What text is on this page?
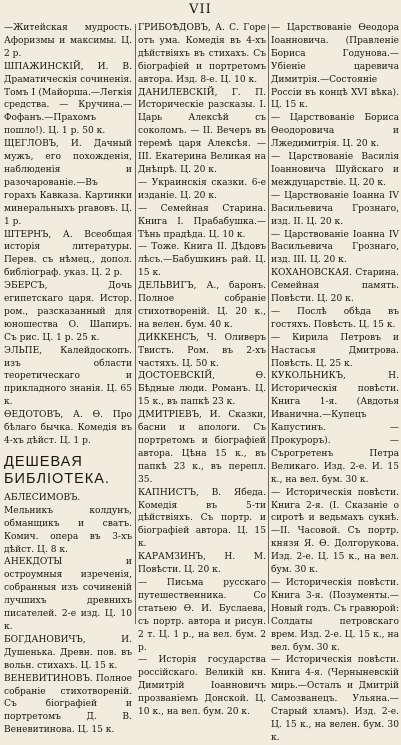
VII

—Житейская мудрость. Афоризмы и максимы. Ц. 2 р.

ШПАЖИНСКIЙ, И. В. Драматическiя сочиненiя. Томъ I (Майорша.—Легкiя средства. — Кручина.—Фофанъ.—Прахомъ пошло!). Ц. 1 р. 50 к.

ЩЕГЛОВЪ, И. Дачный мужъ, его похожденiя, наблюденiя и разочарованiе.—Въ горахъ Кавказа. Картинки минеральныхъ praвовъ. Ц. 1 р.

ШТЕРНЪ, А. Всеобщая исторiя литературы. Перев. съ нѣмец., допол. библiограф. указ. Ц. 2 р.

ЭБЕРСЪ, Дочь египетскаго царя. Истор. ром., разсказанный для юношества О. Шапиръ. Съ рис. Ц. 1 р. 25 к.

ЭЛЬПЕ, Калейдоскопъ. изъ области теоретическаго и прикладного знанiя. Ц. 65 к.

ѲЕДОТОВЪ, А. Ѳ. Про бѣлаго бычка. Комедiя въ 4-хъ дѣйст. Ц. 1 р.

ДЕШЕВАЯ БИБЛIОТЕКА.

АБЛЕСИМОВЪ. Мельникъ колдунъ, обманщикъ и сватъ. Комич. опера въ 3-хъ дѣйст. Ц. 8 к.

АНЕКДОТЫ и остроумныя изреченiя, собранныя изъ сочиненiй лучшихъ древнихъ писателей. 2-е изд. Ц. 10 к.

БОГДАНОВИЧЪ, И. Душенька. Древн. пов. въ вольн. стихахъ. Ц. 15 к.

ВЕНЕВИТИНОВЪ. Полное собранiе стихотворенiй. Съ бiографiей и портретомъ Д. В. Веневитинова. Ц. 15 к.

ГРИБОѢДОВЪ, А. С. Горе отъ ума. Комедiя въ 4-хъ дѣйствiяхъ въ стихахъ. Съ бiографiей и портретомъ автора. Изд. 8-е. Ц. 10 к.

ДАНИЛЕВСКIЙ, Г. П. Историческiе разсказы. I. Царь Алексѣй съ соколомъ. — II. Вечеръ въ теремѣ царя Алексѣя. — III. Екатерина Великая на Днѣпрѣ. Ц. 20 к.

— Украинскiя сказки. 6-е изданiе. Ц. 20 к.

— Семейная Старина. Книга I. Прабабушка.—Тѣнь прадѣда. Ц. 10 к.

— Тоже. Книга II. Дѣдовъ лѣсъ.—Бабушкинъ рай. Ц. 15 к.

ДЕЛЬВИГЪ, А., баронъ. Полное собранiе стихотворенiй. Ц. 20 к., на велен. бум. 40 к.

ДИККЕНСЪ, Ч. Оливеръ Твистъ. Ром. въ 2-хъ частяхъ. Ц. 50 к.

ДОСТОЕВСКIЙ, Ѳ. Бѣдные люди. Романъ. Ц. 15 к., въ папкѣ 23 к.

ДМИТРIЕВЪ, И. Сказки, басни и апологи. Съ портретомъ и бiографiей автора. Цѣна 15 к., въ папкѣ 23 к., въ перепл. 35.

КАПНИСТЪ, В. Ябеда. Комедiя въ 5-ти дѣйствiяхъ. Съ портр. и бiографiей автора. Ц. 15 к.

КАРАМЗИНЪ, Н. М. Повѣсти. Ц. 20 к.

— Письма русскаго путешественника. Со статьею Ѳ. И. Буслаева, съ портр. автора и рисун. 2 т. Ц. 1 р., на вел. бум. 2 р.

— Исторiя государства россiйскаго. Великiй кн. Димитрiй Iоанновичъ прозванiемъ Донской. Ц. 10 к., на вел. бум. 20 к.

— Царствованiе Ѳеодора Iоанновича. (Правленiе Бориса Годунова.—Убiенiе царевича Димитрiя.—Состоянiе Россiи въ концѣ XVI вѣка). Ц. 15 к.

— Царствованiе Бориса Ѳеодоровича и Лжедимитрiя. Ц. 20 к.

— Царствованiе Василiя Iоанновича Шуйскаго и междуцарствiе. Ц. 20 к.

— Царствованiе Iоанна IV Васильевича Грознаго, изд. II. Ц. 20 к.

— Царствованiе Iоанна IV Васильевича Грознаго, изд. III. Ц. 20 к.

КОХАНОВСКАЯ. Старина. Семейная память. Повѣсти. Ц. 20 к.

— Послѣ обѣда въ гостяхъ. Повѣсть. Ц. 15 к.

— Кирила Петровъ и Настасья Дмитрова. Повѣсть. Ц. 25 к.

КУКОЛЬНИКЪ, Н. Историческiя повѣсти. Книга 1-я. (Авдотья Иванична.—Купецъ Капустинъ. — Прокуроръ). — Сърогретенъ Петра Великаго. Изд. 2-е. И. 15 к., на вел. бум. 30 к.

— Историческiя повѣсти. Книга 2-я. (I. Сказанiе о сиротѣ и ведьмахъ сукнѣ.—II. Часовой. Съ портр. князя Я. Ѳ. Долгорукова. Изд. 2-е. Ц. 15 к., на вел. бум. 30 к.

— Историческiя повѣсти. Книга 3-я. (Позументы.—Новый годъ. Съ гравюрой: Солдаты петровскаго врем. Изд. 2-е. Ц. 15 к., на вел. бум. 30 к.

— Историческiя повѣсти. Книга 4-я. (Черныневскiй мирь.—Осталъ и Дмитрiй Самозванецъ. Ульяна.—Старый хламъ). Изд. 2-е. Ц. 15 к., на велен. бум. 30 к.
